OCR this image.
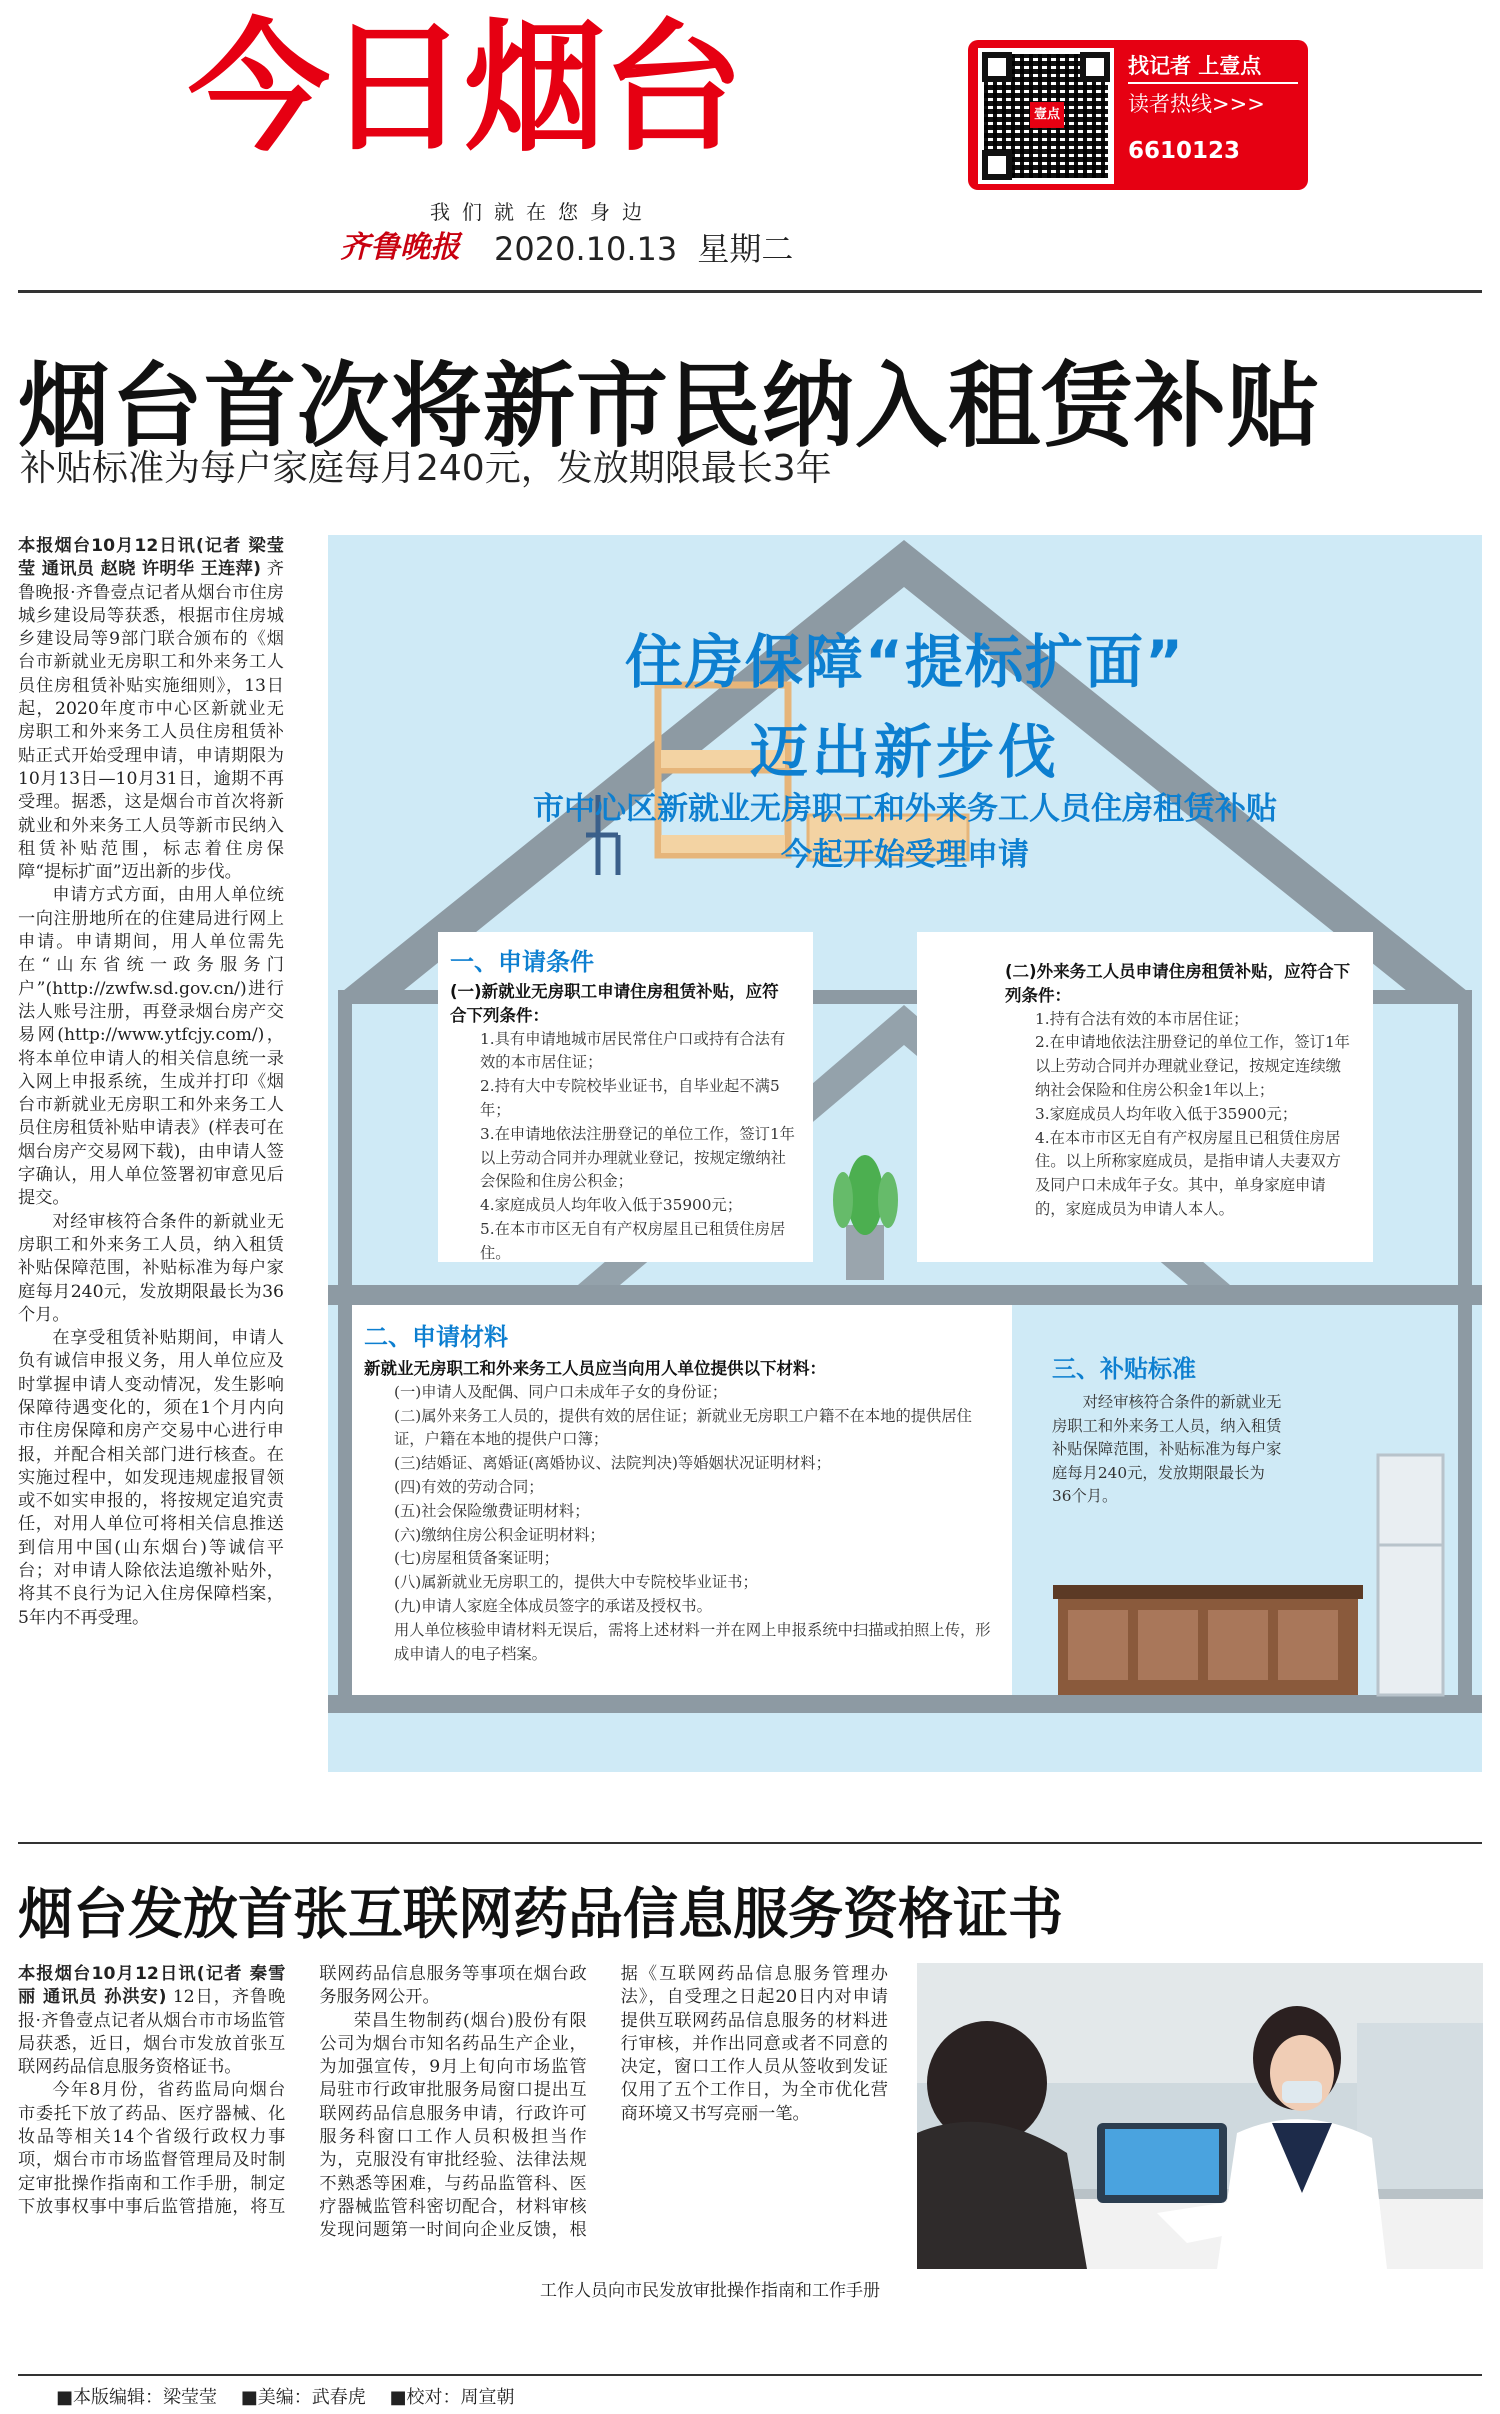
今日烟台	壹点
找记者 上壹点
读者热线>>>
6610123
我们就在您身边
齐鲁晚报 2020.10.13 星期二
烟台首次将新市民纳入租赁补贴
补贴标准为每户家庭每月240元，发放期限最长3年

本报烟台10月12日讯(记者 梁莹莹 通讯员 赵晓 许明华 王连萍) 齐鲁晚报·齐鲁壹点记者从烟台市住房城乡建设局等获悉，根据市住房城乡建设局等9部门联合颁布的《烟台市新就业无房职工和外来务工人员住房租赁补贴实施细则》，13日起，2020年度市中心区新就业无房职工和外来务工人员住房租赁补贴正式开始受理申请，申请期限为10月13日—10月31日，逾期不再受理。据悉，这是烟台市首次将新就业和外来务工人员等新市民纳入租赁补贴范围，标志着住房保障“提标扩面”迈出新的步伐。

申请方式方面，由用人单位统一向注册地所在的住建局进行网上申请。申请期间，用人单位需先在“山东省统一政务服务门户”(http://zwfw.sd.gov.cn/)进行法人账号注册，再登录烟台房产交易网(http://www.ytfcjy.com/)，将本单位申请人的相关信息统一录入网上申报系统，生成并打印《烟台市新就业无房职工和外来务工人员住房租赁补贴申请表》(样表可在烟台房产交易网下载)，由申请人签字确认，用人单位签署初审意见后提交。

对经审核符合条件的新就业无房职工和外来务工人员，纳入租赁补贴保障范围，补贴标准为每户家庭每月240元，发放期限最长为36个月。

在享受租赁补贴期间，申请人负有诚信申报义务，用人单位应及时掌握申请人变动情况，发生影响保障待遇变化的，须在1个月内向市住房保障和房产交易中心进行申报，并配合相关部门进行核查。在实施过程中，如发现违规虚报冒领或不如实申报的，将按规定追究责任，对用人单位可将相关信息推送到信用中国(山东烟台)等诚信平台；对申请人除依法追缴补贴外，将其不良行为记入住房保障档案，5年内不再受理。

住房保障“提标扩面”
迈出新步伐
市中心区新就业无房职工和外来务工人员住房租赁补贴
今起开始受理申请
一、申请条件
(一)新就业无房职工申请住房租赁补贴，应符合下列条件：
1.具有申请地城市居民常住户口或持有合法有效的本市居住证；
2.持有大中专院校毕业证书，自毕业起不满5年；
3.在申请地依法注册登记的单位工作，签订1年以上劳动合同并办理就业登记，按规定缴纳社会保险和住房公积金；
4.家庭成员人均年收入低于35900元；
5.在本市市区无自有产权房屋且已租赁住房居住。
(二)外来务工人员申请住房租赁补贴，应符合下列条件：
1.持有合法有效的本市居住证；
2.在申请地依法注册登记的单位工作，签订1年以上劳动合同并办理就业登记，按规定连续缴纳社会保险和住房公积金1年以上；
3.家庭成员人均年收入低于35900元；
4.在本市市区无自有产权房屋且已租赁住房居住。以上所称家庭成员，是指申请人夫妻双方及同户口未成年子女。其中，单身家庭申请的，家庭成员为申请人本人。
二、申请材料
新就业无房职工和外来务工人员应当向用人单位提供以下材料：
(一)申请人及配偶、同户口未成年子女的身份证；
(二)属外来务工人员的，提供有效的居住证；新就业无房职工户籍不在本地的提供居住证，户籍在本地的提供户口簿；
(三)结婚证、离婚证(离婚协议、法院判决)等婚姻状况证明材料；
(四)有效的劳动合同；
(五)社会保险缴费证明材料；
(六)缴纳住房公积金证明材料；
(七)房屋租赁备案证明；
(八)属新就业无房职工的，提供大中专院校毕业证书；
(九)申请人家庭全体成员签字的承诺及授权书。
用人单位核验申请材料无误后，需将上述材料一并在网上申报系统中扫描或拍照上传，形成申请人的电子档案。
三、补贴标准
对经审核符合条件的新就业无房职工和外来务工人员，纳入租赁补贴保障范围，补贴标准为每户家庭每月240元，发放期限最长为36个月。
烟台发放首张互联网药品信息服务资格证书

本报烟台10月12日讯(记者 秦雪丽 通讯员 孙洪安) 12日，齐鲁晚报·齐鲁壹点记者从烟台市市场监管局获悉，近日，烟台市发放首张互联网药品信息服务资格证书。

今年8月份，省药监局向烟台市委托下放了药品、医疗器械、化妆品等相关14个省级行政权力事项，烟台市市场监督管理局及时制定审批操作指南和工作手册，制定下放事权事中事后监管措施，将互联网药品信息服务等事项在烟台政务服务网公开。

荣昌生物制药(烟台)股份有限公司为烟台市知名药品生产企业，为加强宣传，9月上旬向市场监管局驻市行政审批服务局窗口提出互联网药品信息服务申请，行政许可服务科窗口工作人员积极担当作为，克服没有审批经验、法律法规不熟悉等困难，与药品监管科、医疗器械监管科密切配合，材料审核发现问题第一时间向企业反馈，根据《互联网药品信息服务管理办法》，自受理之日起20日内对申请提供互联网药品信息服务的材料进行审核，并作出同意或者不同意的决定，窗口工作人员从签收到发证仅用了五个工作日，为全市优化营商环境又书写亮丽一笔。

工作人员向市民发放审批操作指南和工作手册
■本版编辑：梁莹莹 ■美编：武春虎 ■校对：周宣朝
